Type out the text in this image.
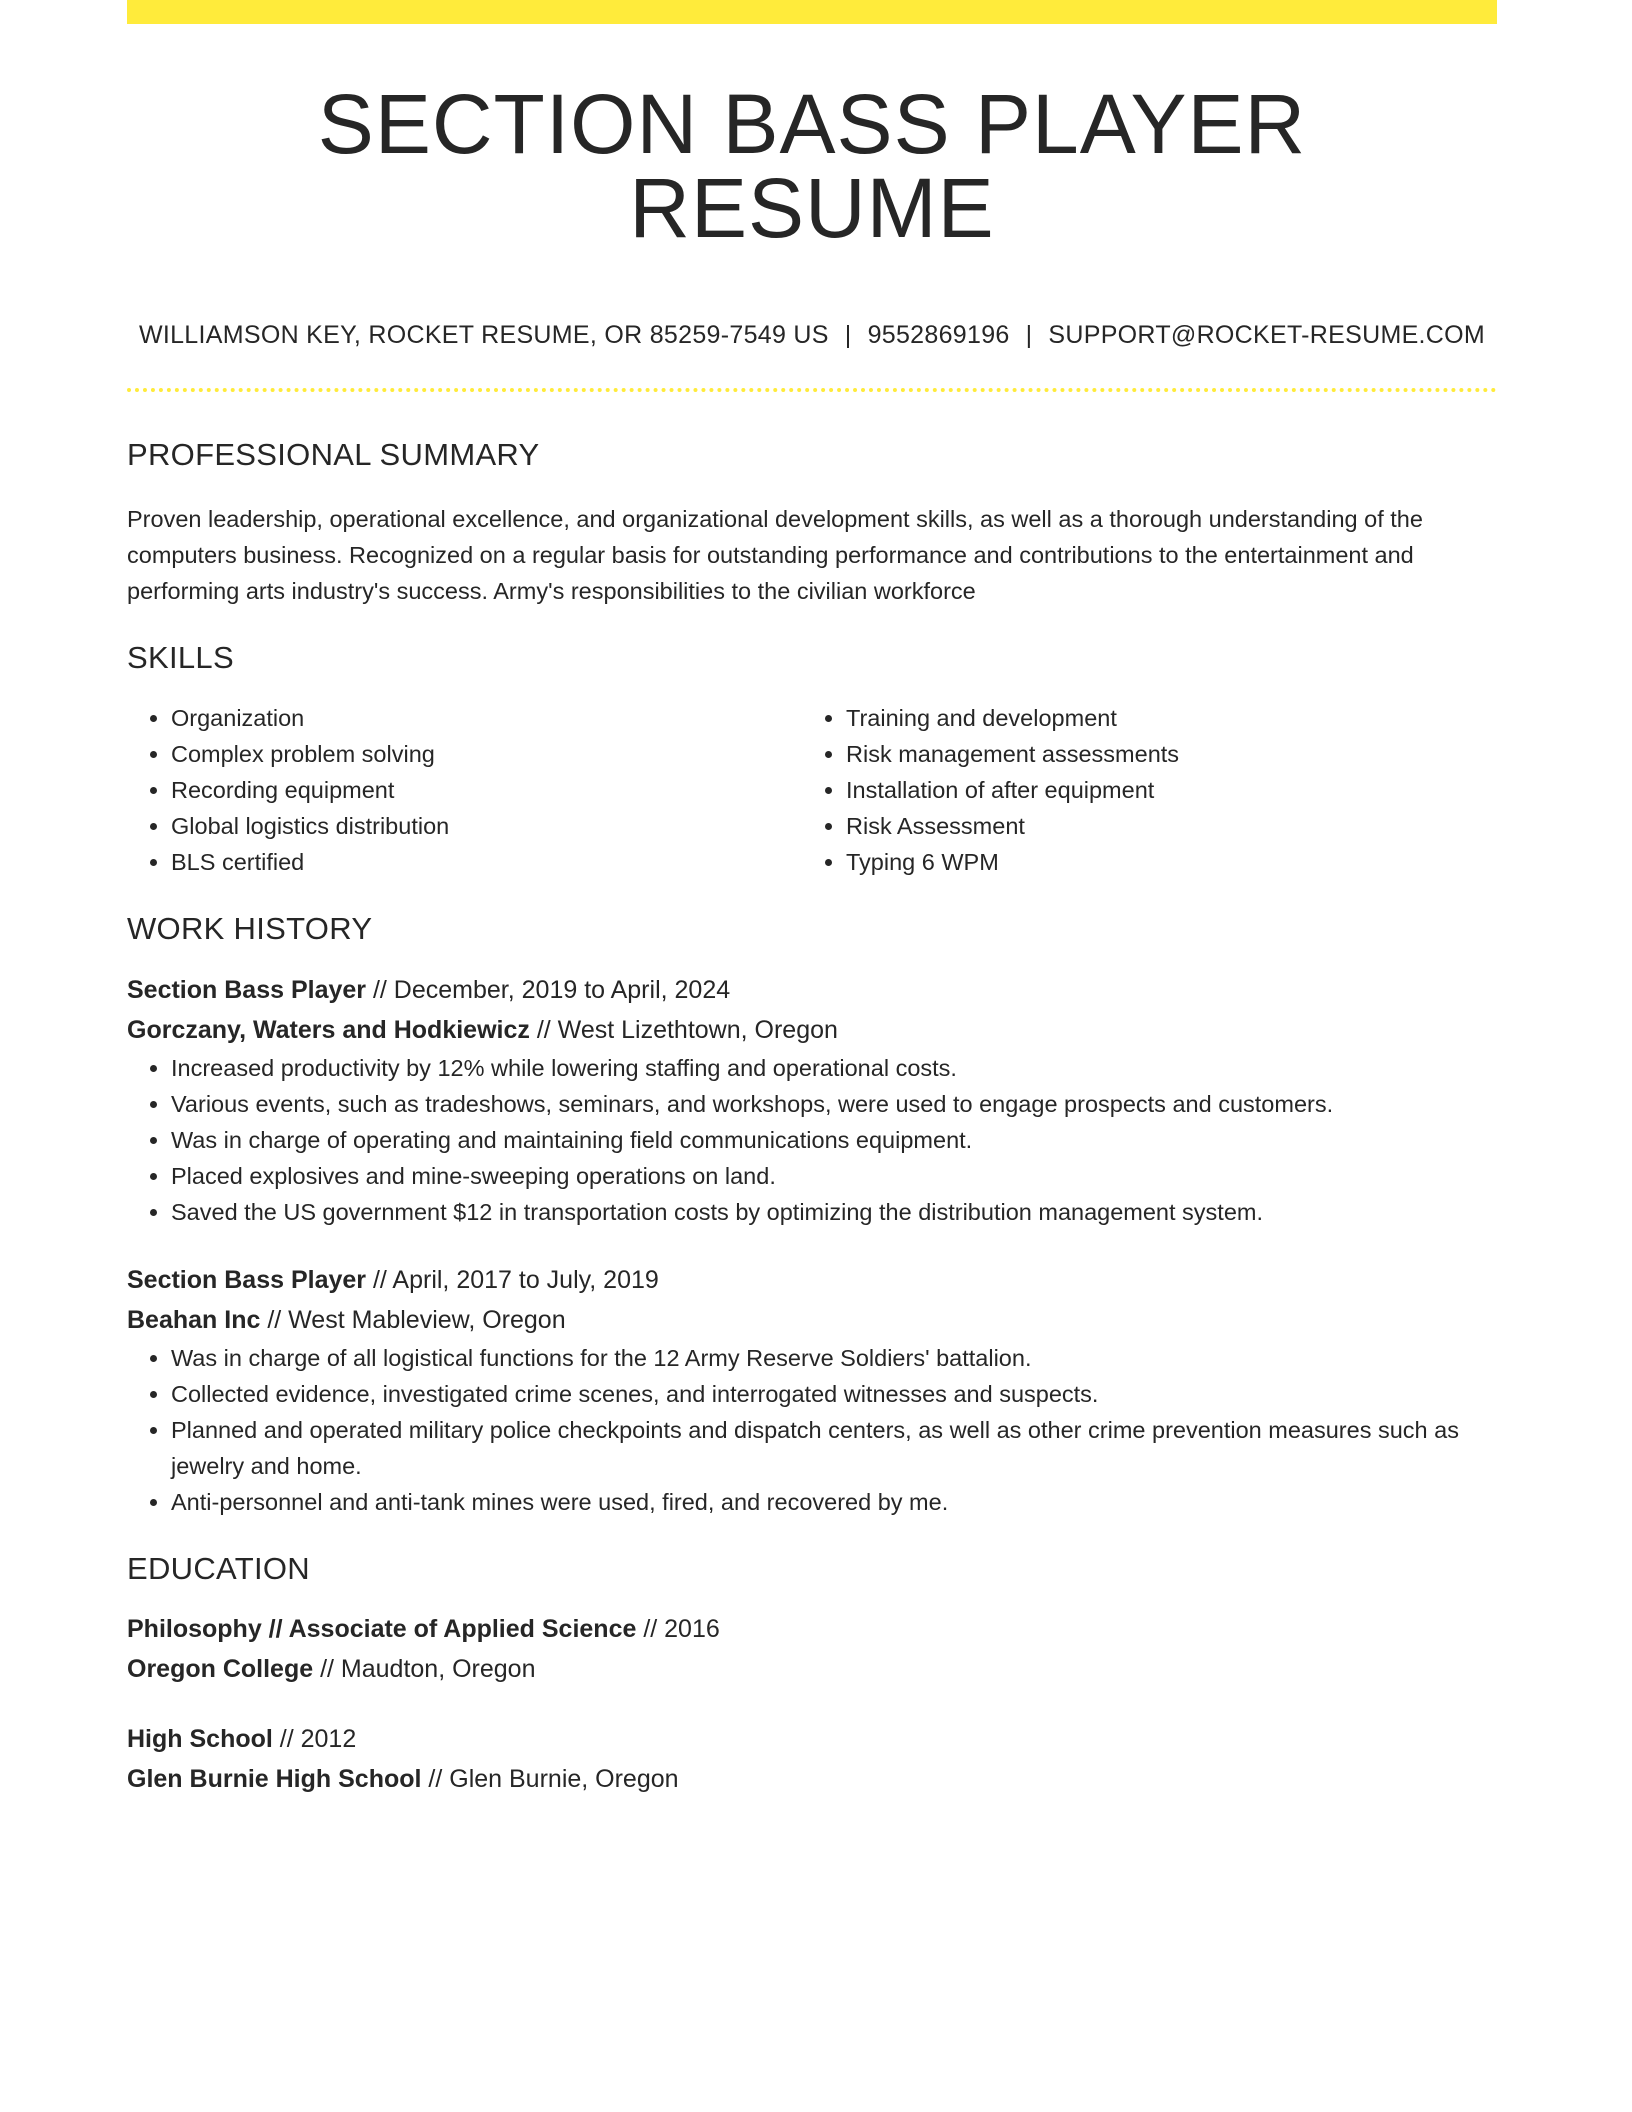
SECTION BASS PLAYER RESUME
WILLIAMSON KEY, ROCKET RESUME, OR 85259-7549 US | 9552869196 | SUPPORT@ROCKET-RESUME.COM
PROFESSIONAL SUMMARY
Proven leadership, operational excellence, and organizational development skills, as well as a thorough understanding of the computers business. Recognized on a regular basis for outstanding performance and contributions to the entertainment and performing arts industry's success. Army's responsibilities to the civilian workforce
SKILLS
• Organization
• Complex problem solving
• Recording equipment
• Global logistics distribution
• BLS certified
• Training and development
• Risk management assessments
• Installation of after equipment
• Risk Assessment
• Typing 6 WPM
WORK HISTORY
Section Bass Player // December, 2019 to April, 2024
Gorczany, Waters and Hodkiewicz // West Lizethtown, Oregon
• Increased productivity by 12% while lowering staffing and operational costs.
• Various events, such as tradeshows, seminars, and workshops, were used to engage prospects and customers.
• Was in charge of operating and maintaining field communications equipment.
• Placed explosives and mine-sweeping operations on land.
• Saved the US government $12 in transportation costs by optimizing the distribution management system.
Section Bass Player // April, 2017 to July, 2019
Beahan Inc // West Mableview, Oregon
• Was in charge of all logistical functions for the 12 Army Reserve Soldiers' battalion.
• Collected evidence, investigated crime scenes, and interrogated witnesses and suspects.
• Planned and operated military police checkpoints and dispatch centers, as well as other crime prevention measures such as jewelry and home.
• Anti-personnel and anti-tank mines were used, fired, and recovered by me.
EDUCATION
Philosophy // Associate of Applied Science // 2016
Oregon College // Maudton, Oregon
High School // 2012
Glen Burnie High School // Glen Burnie, Oregon
